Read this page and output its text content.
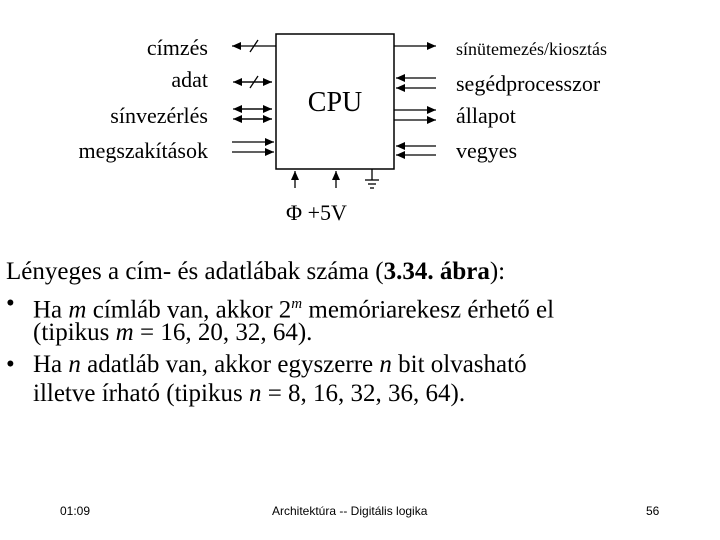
CPU
címzés
adat
sínvezérlés
megszakítások
sínütemezés/kiosztás
segédprocesszor
állapot
vegyes
Φ +5V
Lényeges a cím- és adatlábak száma (3.34. ábra):
• Ha m címláb van, akkor 2$^m$ memóriarekesz érhető el
(tipikus m = 16, 20, 32, 64).
• Ha n adatláb van, akkor egyszerre n bit olvasható
illetve írható (tipikus n = 8, 16, 32, 36, 64).
01:09	Architektúra -- Digitális logika	56
